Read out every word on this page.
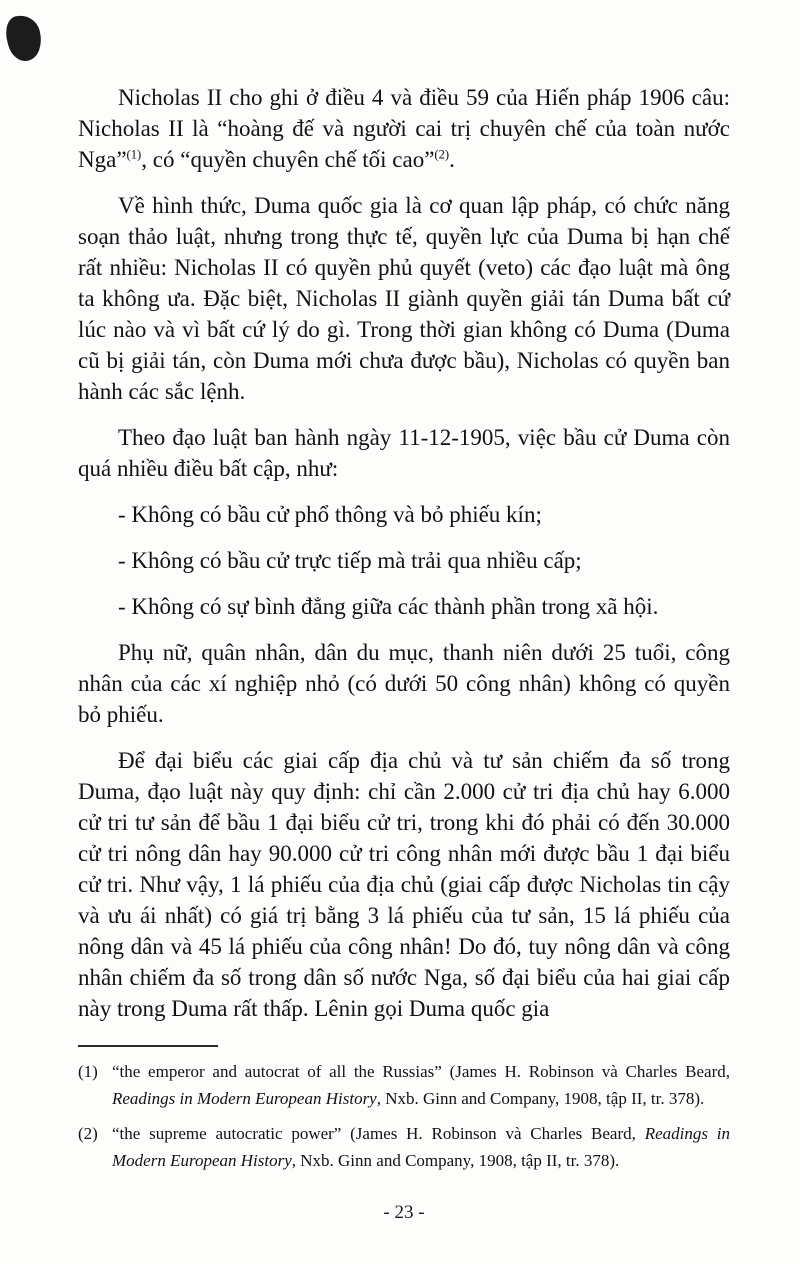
Nicholas II cho ghi ở điều 4 và điều 59 của Hiến pháp 1906 câu: Nicholas II là “hoàng đế và người cai trị chuyên chế của toàn nước Nga”$^{(1)}$, có “quyền chuyên chế tối cao”$^{(2)}$.

Về hình thức, Duma quốc gia là cơ quan lập pháp, có chức năng soạn thảo luật, nhưng trong thực tế, quyền lực của Duma bị hạn chế rất nhiều: Nicholas II có quyền phủ quyết (veto) các đạo luật mà ông ta không ưa. Đặc biệt, Nicholas II giành quyền giải tán Duma bất cứ lúc nào và vì bất cứ lý do gì. Trong thời gian không có Duma (Duma cũ bị giải tán, còn Duma mới chưa được bầu), Nicholas có quyền ban hành các sắc lệnh.

Theo đạo luật ban hành ngày 11-12-1905, việc bầu cử Duma còn quá nhiều điều bất cập, như:

- Không có bầu cử phổ thông và bỏ phiếu kín;

- Không có bầu cử trực tiếp mà trải qua nhiều cấp;

- Không có sự bình đẳng giữa các thành phần trong xã hội.

Phụ nữ, quân nhân, dân du mục, thanh niên dưới 25 tuổi, công nhân của các xí nghiệp nhỏ (có dưới 50 công nhân) không có quyền bỏ phiếu.

Để đại biểu các giai cấp địa chủ và tư sản chiếm đa số trong Duma, đạo luật này quy định: chỉ cần 2.000 cử tri địa chủ hay 6.000 cử tri tư sản để bầu 1 đại biểu cử tri, trong khi đó phải có đến 30.000 cử tri nông dân hay 90.000 cử tri công nhân mới được bầu 1 đại biểu cử tri. Như vậy, 1 lá phiếu của địa chủ (giai cấp được Nicholas tin cậy và ưu ái nhất) có giá trị bằng 3 lá phiếu của tư sản, 15 lá phiếu của nông dân và 45 lá phiếu của công nhân! Do đó, tuy nông dân và công nhân chiếm đa số trong dân số nước Nga, số đại biểu của hai giai cấp này trong Duma rất thấp. Lênin gọi Duma quốc gia

(1) “the emperor and autocrat of all the Russias” (James H. Robinson và Charles Beard, Readings in Modern European History, Nxb. Ginn and Company, 1908, tập II, tr. 378).
(2) “the supreme autocratic power” (James H. Robinson và Charles Beard, Readings in Modern European History, Nxb. Ginn and Company, 1908, tập II, tr. 378).
- 23 -
